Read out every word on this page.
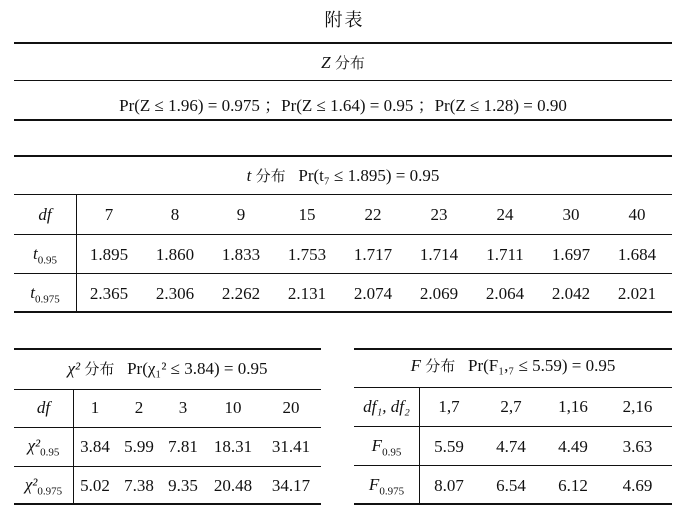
附表
Z 分布
Pr(Z ≤ 1.96) = 0.975 ；Pr(Z ≤ 1.64) = 0.95 ；Pr(Z ≤ 1.28) = 0.90
t 分布 Pr(t₇ ≤ 1.895) = 0.95
df	7	8	9	15	22	23	24	30	40
$t_{0.95}$	1.895	1.860	1.833	1.753	1.717	1.714	1.711	1.697	1.684
$t_{0.975}$	2.365	2.306	2.262	2.131	2.074	2.069	2.064	2.042	2.021
χ² 分布 Pr(χ₁² ≤ 3.84) = 0.95
df	1	2	3	10	20
$\chi^2_{0.95}$	3.84 5.99 7.81 18.31	31.41
$\chi^2_{0.975}$	5.02 7.38 9.35 20.48	34.17
F 分布 Pr(F₁,₇ ≤ 5.59) = 0.95
df₁, df₂	1,7	2,7	1,16	2,16
$F_{0.95}$	5.59	4.74	4.49	3.63
$F_{0.975}$	8.07	6.54	6.12	4.69
